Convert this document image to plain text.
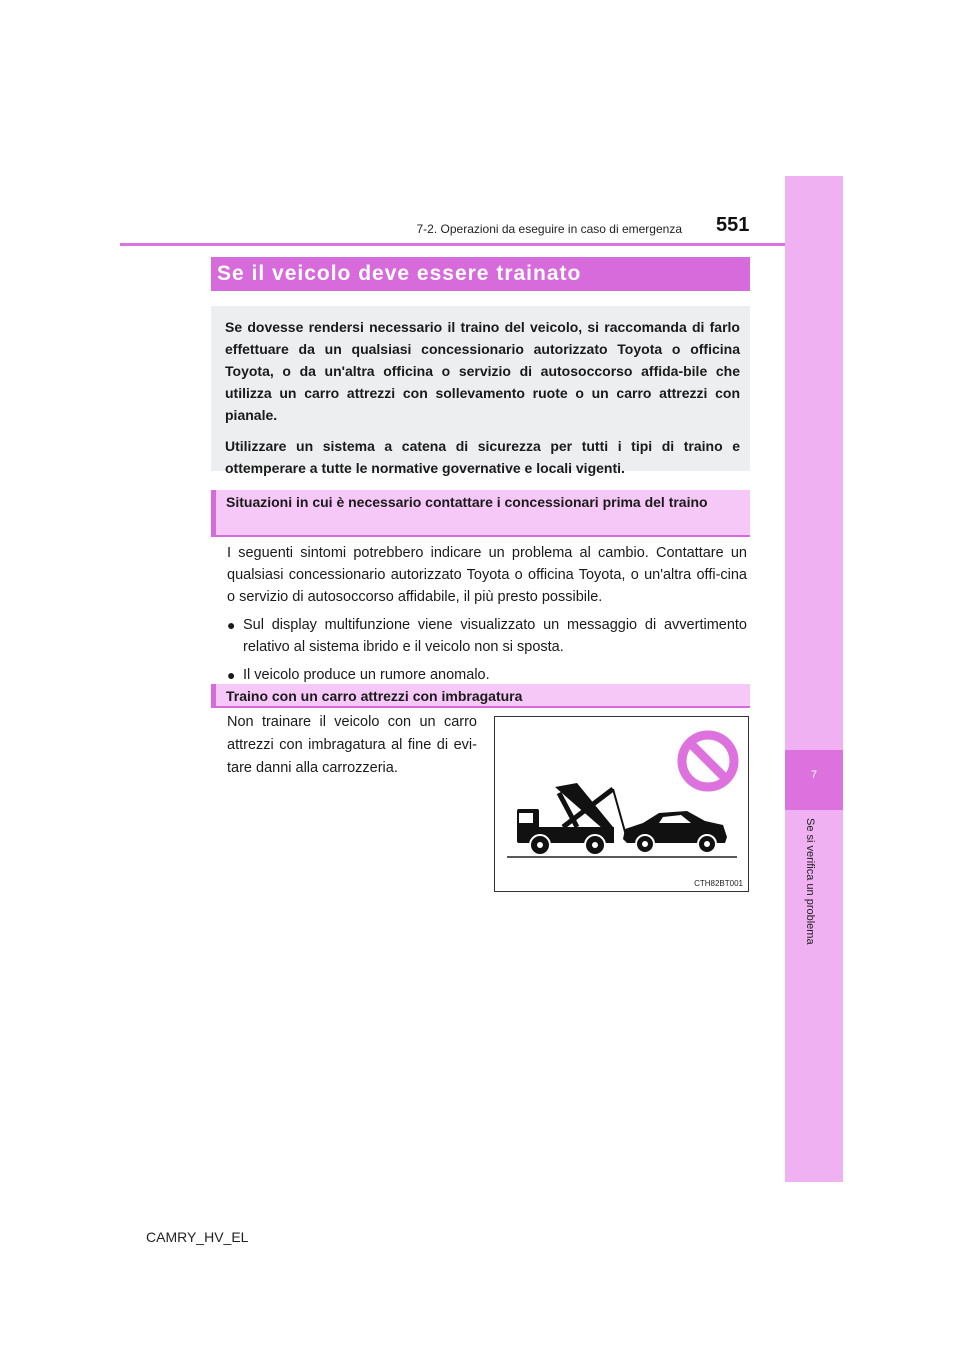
7
Se si verifica un problema
7-2. Operazioni da eseguire in caso di emergenza 551
Se il veicolo deve essere trainato

Se dovesse rendersi necessario il traino del veicolo, si raccomanda di farlo effettuare da un qualsiasi concessionario autorizzato Toyota o officina Toyota, o da un'altra officina o servizio di autosoccorso affida-bile che utilizza un carro attrezzi con sollevamento ruote o un carro attrezzi con pianale.

Utilizzare un sistema a catena di sicurezza per tutti i tipi di traino e ottemperare a tutte le normative governative e locali vigenti.

Situazioni in cui è necessario contattare i concessionari prima del traino

I seguenti sintomi potrebbero indicare un problema al cambio. Contattare un qualsiasi concessionario autorizzato Toyota o officina Toyota, o un'altra offi-cina o servizio di autosoccorso affidabile, il più presto possibile.

● Sul display multifunzione viene visualizzato un messaggio di avvertimento relativo al sistema ibrido e il veicolo non si sposta.
● Il veicolo produce un rumore anomalo.
Traino con un carro attrezzi con imbragatura
Non trainare il veicolo con un carro attrezzi con imbragatura al fine di evi-tare danni alla carrozzeria.
CTH82BT001
CAMRY_HV_EL
